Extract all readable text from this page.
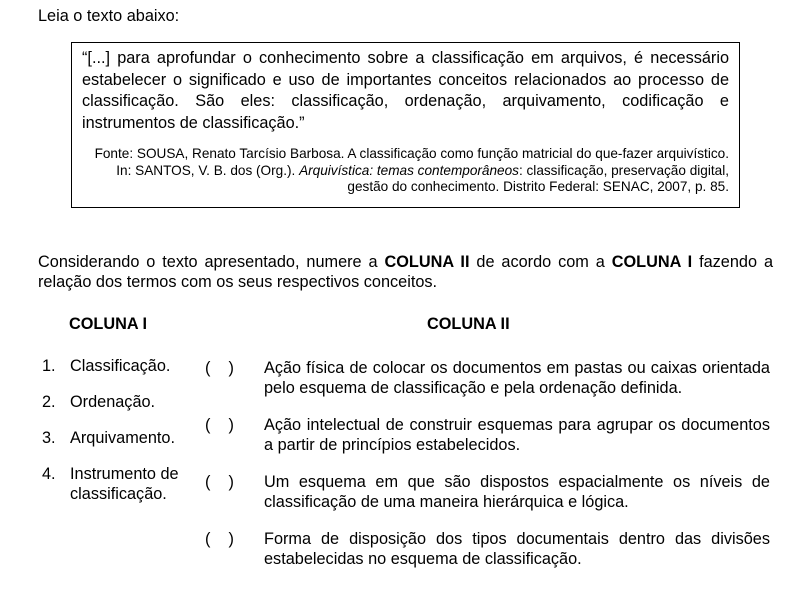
Leia o texto abaixo:

“[...] para aprofundar o conhecimento sobre a classificação em arquivos, é necessário estabelecer o significado e uso de importantes conceitos relacionados ao processo de classificação. São eles: classificação, ordenação, arquivamento, codificação e instrumentos de classificação.”

Fonte: SOUSA, Renato Tarcísio Barbosa. A classificação como função matricial do que-fazer arquivístico. In: SANTOS, V. B. dos (Org.). Arquivística: temas contemporâneos: classificação, preservação digital, gestão do conhecimento. Distrito Federal: SENAC, 2007, p. 85.

Considerando o texto apresentado, numere a COLUNA II de acordo com a COLUNA I fazendo a relação dos termos com os seus respectivos conceitos.

COLUNA I	COLUNA II
1. Classificação.
2. Ordenação.
3. Arquivamento.
4. Instrumento de classificação.
(    ) Ação física de colocar os documentos em pastas ou caixas orientada pelo esquema de classificação e pela ordenação definida.
(    ) Ação intelectual de construir esquemas para agrupar os documentos a partir de princípios estabelecidos.
(    ) Um esquema em que são dispostos espacialmente os níveis de classificação de uma maneira hierárquica e lógica.
(    ) Forma de disposição dos tipos documentais dentro das divisões estabelecidas no esquema de classificação.
